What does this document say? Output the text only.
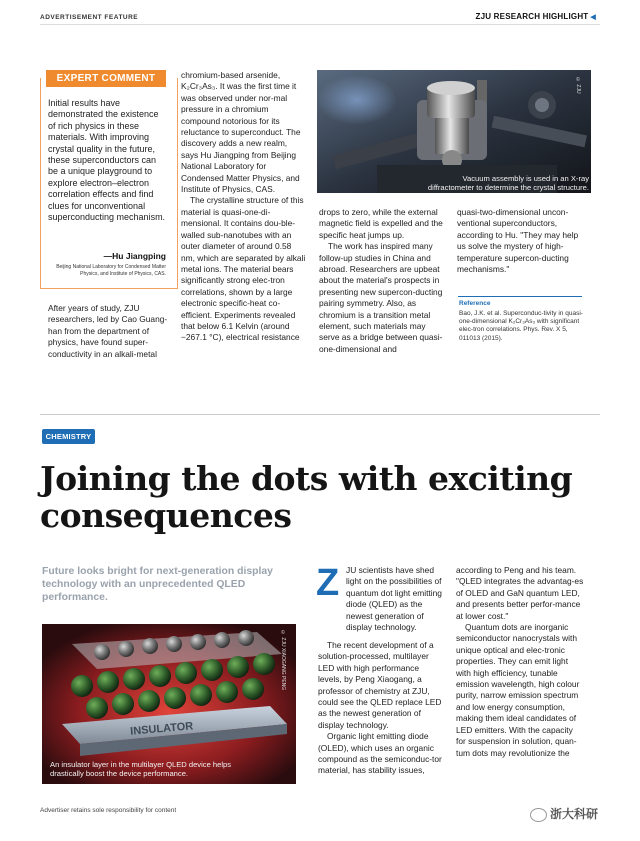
ADVERTISEMENT FEATURE	ZJU RESEARCH HIGHLIGHT ◀
EXPERT COMMENT
Initial results have demonstrated the existence of rich physics in these materials. With improving crystal quality in the future, these superconductors can be a unique playground to explore electron–electron correlation effects and find clues for unconventional superconducting mechanism.
—Hu Jiangping
Beijing National Laboratory for Condensed Matter Physics, and Institute of Physics, CAS.

After years of study, ZJU researchers, led by Cao Guang-han from the department of physics, have found super-conductivity in an alkali-metal

chromium-based arsenide, K₂Cr₃As₃. It was the first time it was observed under nor-mal pressure in a chromium compound notorious for its reluctance to superconduct. The discovery adds a new realm, says Hu Jiangping from Beijing National Laboratory for Condensed Matter Physics, and Institute of Physics, CAS.

The crystalline structure of this material is quasi-one-di-mensional. It contains dou-ble-walled sub-nanotubes with an outer diameter of around 0.58 nm, which are separated by alkali metal ions. The material bears significantly strong elec-tron correlations, shown by a large electronic specific-heat co-efficient. Experiments revealed that below 6.1 Kelvin (around −267.1 °C), electrical resistance

Vacuum assembly is used in an X-ray diffractometer to determine the crystal structure.
© ZJU

drops to zero, while the external magnetic field is expelled and the specific heat jumps up.

The work has inspired many follow-up studies in China and abroad. Researchers are upbeat about the material's prospects in presenting new supercon-ducting pairing symmetry. Also, as chromium is a transition metal element, such materials may serve as a bridge between quasi-one-dimensional and

quasi-two-dimensional uncon-ventional superconductors, according to Hu. "They may help us solve the mystery of high-temperature supercon-ducting mechanisms."

Reference
Bao, J.K. et al. Superconduc-tivity in quasi-one-dimensional K₂Cr₃As₃ with significant elec-tron correlations. Phys. Rev. X 5, 011013 (2015).
CHEMISTRY
Joining the dots with exciting consequences
Future looks bright for next-generation display technology with an unprecedented QLED performance.
INSULATOR
An insulator layer in the multilayer QLED device helps drastically boost the device performance.
© ZJU XIAOGANG PENG
Z JU scientists have shed light on the possibilities of quantum dot light emitting diode (QLED) as the newest generation of display technology.

The recent development of a solution-processed, multilayer LED with high performance levels, by Peng Xiaogang, a professor of chemistry at ZJU, could see the QLED replace LED as the newest generation of display technology.

Organic light emitting diode (OLED), which uses an organic compound as the semiconduc-tor material, has stability issues,

according to Peng and his team. "QLED integrates the advantag-es of OLED and GaN quantum LED, and presents better perfor-mance at lower cost."

Quantum dots are inorganic semiconductor nanocrystals with unique optical and elec-tronic properties. They can emit light with high efficiency, tunable emission wavelength, high colour purity, narrow emission spectrum and low energy consumption, making them ideal candidates of LED emitters. With the capacity for suspension in solution, quan-tum dots may revolutionize the

Advertiser retains sole responsibility for content	浙大科研
